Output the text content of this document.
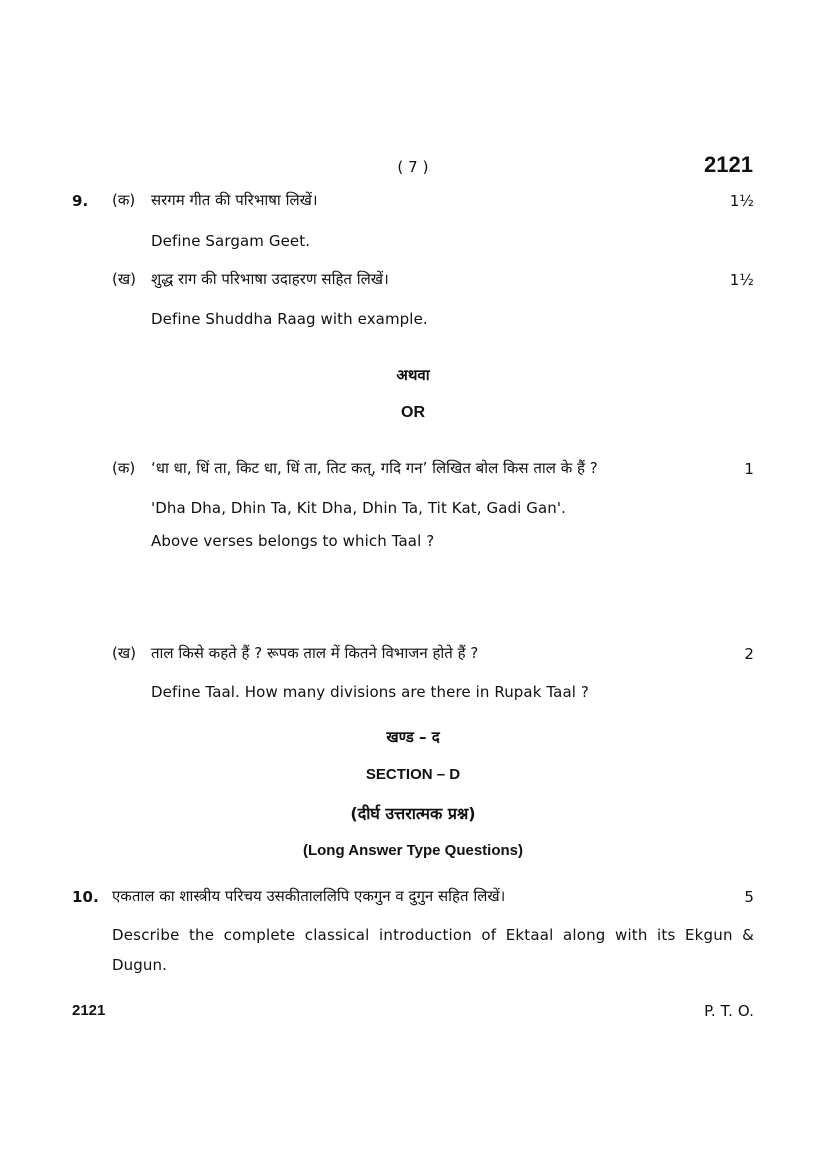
( 7 )	2121
9. (क) सरगम गीत की परिभाषा लिखें।	1½
Define Sargam Geet.
(ख) शुद्ध राग की परिभाषा उदाहरण सहित लिखें।	1½
Define Shuddha Raag with example.
अथवा
OR
(क) ‘धा धा, धिं ता, किट धा, धिं ता, तिट कत्, गदि गन’ लिखित बोल किस ताल के हैं ?	1
'Dha Dha, Dhin Ta, Kit Dha, Dhin Ta, Tit Kat, Gadi Gan'.
Above verses belongs to which Taal ?
(ख) ताल किसे कहते हैं ? रूपक ताल में कितने विभाजन होते हैं ?	2
Define Taal. How many divisions are there in Rupak Taal ?
खण्ड – द
SECTION – D
(दीर्घ उत्तरात्मक प्रश्न)
(Long Answer Type Questions)
10. एकताल का शास्त्रीय परिचय उसकीताललिपि एकगुन व दुगुन सहित लिखें।	5
Describe the complete classical introduction of Ektaal along with its Ekgun &
Dugun.
2121	P. T. O.
